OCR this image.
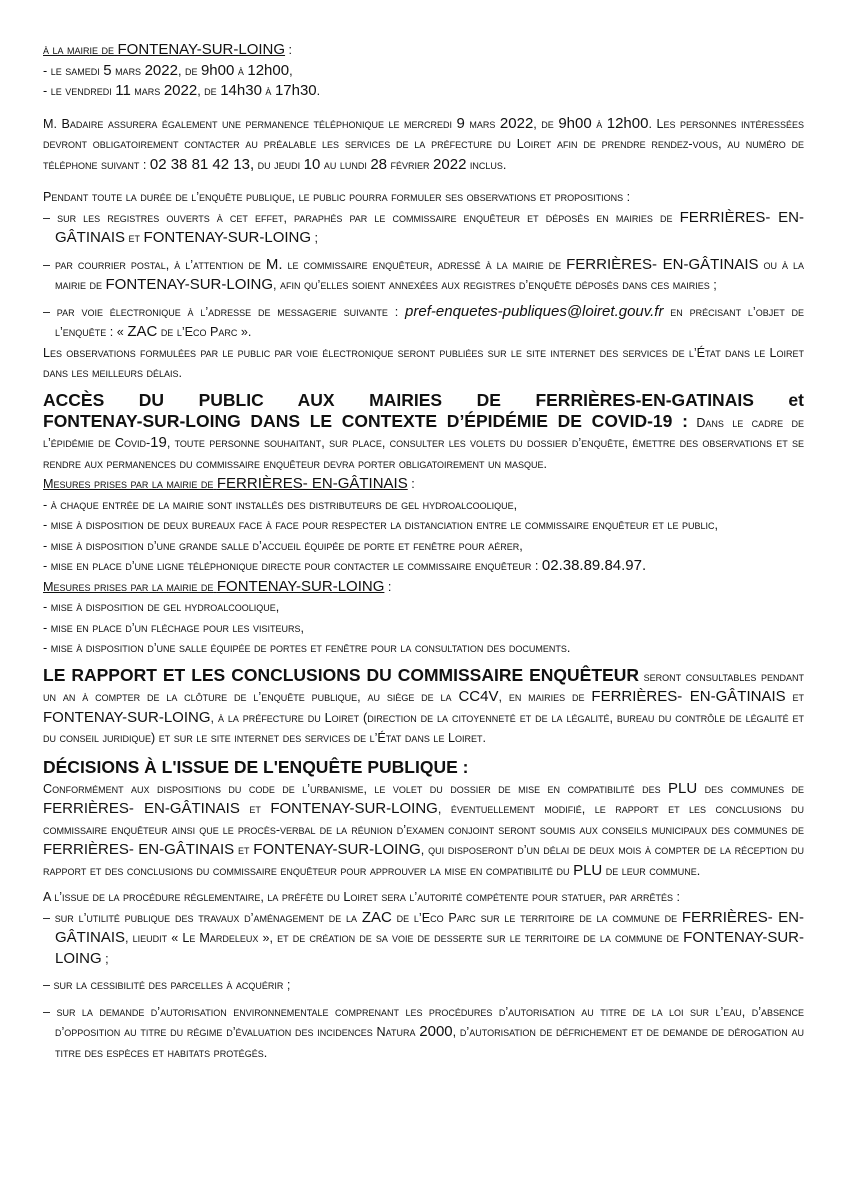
à la mairie de FONTENAY-SUR-LOING :

- le samedi 5 mars 2022, de 9h00 à 12h00,

- le vendredi 11 mars 2022, de 14h30 à 17h30.

M. Badaire assurera également une permanence téléphonique le mercredi 9 mars 2022, de 9h00 à 12h00. Les personnes intéressées devront obligatoirement contacter au préalable les services de la préfecture du Loiret afin de prendre rendez-vous, au numéro de téléphone suivant : 02 38 81 42 13, du jeudi 10 au lundi 28 février 2022 inclus.

Pendant toute la durée de l’enquête publique, le public pourra formuler ses observations et propositions :

– sur les registres ouverts à cet effet, paraphés par le commissaire enquêteur et déposés en mairies de FERRIÈRES- EN-GÂTINAIS et FONTENAY-SUR-LOING ;

– par courrier postal, à l’attention de M. le commissaire enquêteur, adressé à la mairie de FERRIÈRES- EN-GÂTINAIS ou à la mairie de FONTENAY-SUR-LOING, afin qu’elles soient annexées aux registres d’enquête déposés dans ces mairies ;

– par voie électronique à l’adresse de messagerie suivante : pref-enquetes-publiques@loiret.gouv.fr en précisant l’objet de l’enquête : « ZAC de l’Eco Parc ».

Les observations formulées par le public par voie électronique seront publiées sur le site internet des services de l’État dans le Loiret dans les meilleurs délais.

ACCÈS DU PUBLIC AUX MAIRIES DE FERRIÈRES-EN-GATINAIS et

FONTENAY-SUR-LOING DANS LE CONTEXTE D’ÉPIDÉMIE DE COVID-19 : Dans le cadre de l’épidémie de Covid-19, toute personne souhaitant, sur place, consulter les volets du dossier d’enquête, émettre des observations et se rendre aux permanences du commissaire enquêteur devra porter obligatoirement un masque.

Mesures prises par la mairie de FERRIÈRES- EN-GÂTINAIS :

- à chaque entrée de la mairie sont installés des distributeurs de gel hydroalcoolique,

- mise à disposition de deux bureaux face à face pour respecter la distanciation entre le commissaire enquêteur et le public,

- mise à disposition d’une grande salle d’accueil équipée de porte et fenêtre pour aérer,

- mise en place d’une ligne téléphonique directe pour contacter le commissaire enquêteur : 02.38.89.84.97.

Mesures prises par la mairie de FONTENAY-SUR-LOING :

- mise à disposition de gel hydroalcoolique,

- mise en place d’un fléchage pour les visiteurs,

- mise à disposition d’une salle équipée de portes et fenêtre pour la consultation des documents.

LE RAPPORT ET LES CONCLUSIONS DU COMMISSAIRE ENQUÊTEUR seront consultables pendant un an à compter de la clôture de l’enquête publique, au siège de la CC4V, en mairies de FERRIÈRES- EN-GÂTINAIS et FONTENAY-SUR-LOING, à la préfecture du Loiret (direction de la citoyenneté et de la légalité, bureau du contrôle de légalité et du conseil juridique) et sur le site internet des services de l’État dans le Loiret.

DÉCISIONS À L'ISSUE DE L'ENQUÊTE PUBLIQUE :

Conformément aux dispositions du code de l’urbanisme, le volet du dossier de mise en compatibilité des PLU des communes de FERRIÈRES- EN-GÂTINAIS et FONTENAY-SUR-LOING, éventuellement modifié, le rapport et les conclusions du commissaire enquêteur ainsi que le procès-verbal de la réunion d’examen conjoint seront soumis aux conseils municipaux des communes de FERRIÈRES- EN-GÂTINAIS et FONTENAY-SUR-LOING, qui disposeront d’un délai de deux mois à compter de la réception du rapport et des conclusions du commissaire enquêteur pour approuver la mise en compatibilité du PLU de leur commune.

A l’issue de la procédure réglementaire, la préfète du Loiret sera l’autorité compétente pour statuer, par arrêtés :

– sur l’utilité publique des travaux d’aménagement de la ZAC de l’Eco Parc sur le territoire de la commune de FERRIÈRES- EN-GÂTINAIS, lieudit « Le Mardeleux », et de création de sa voie de desserte sur le territoire de la commune de FONTENAY-SUR-LOING ;

– sur la cessibilité des parcelles à acquérir ;

– sur la demande d’autorisation environnementale comprenant les procédures d’autorisation au titre de la loi sur l’eau, d’absence d’opposition au titre du régime d’évaluation des incidences Natura 2000, d’autorisation de défrichement et de demande de dérogation au titre des espèces et habitats protégés.
